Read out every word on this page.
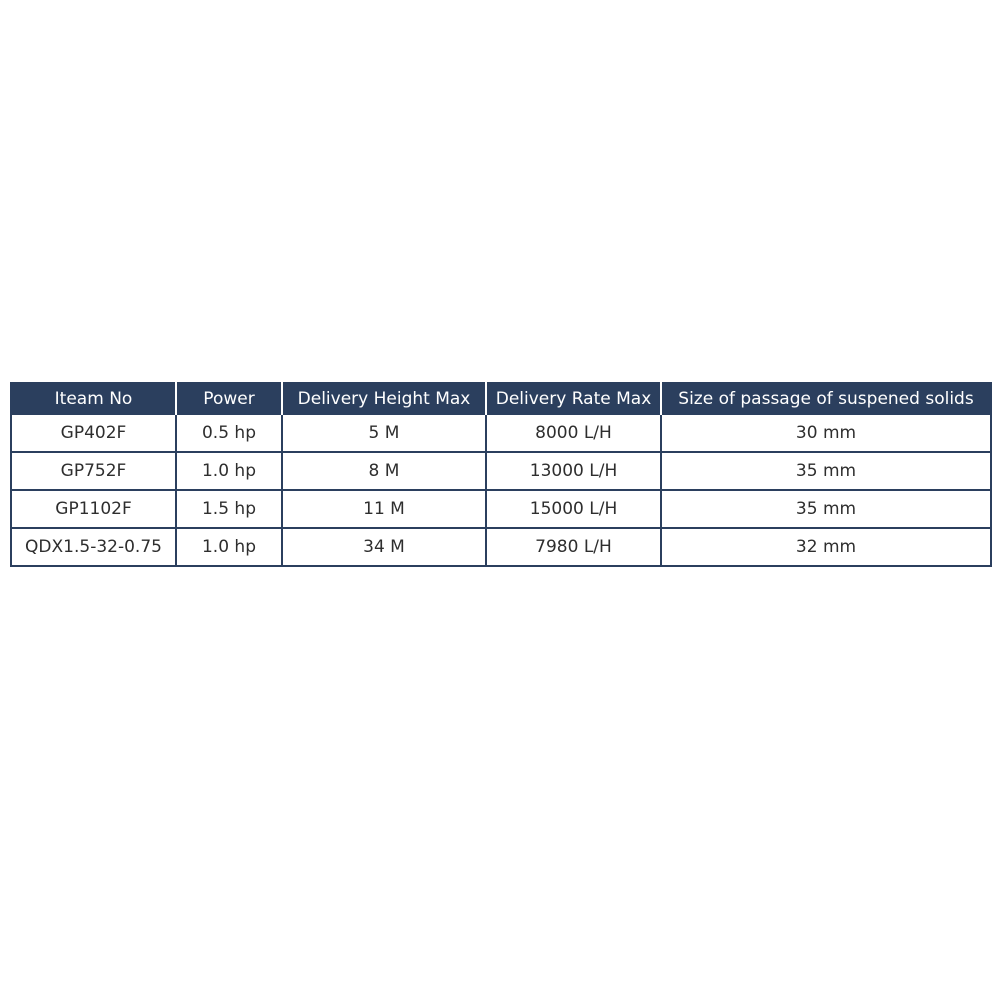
Iteam No	Power	Delivery Height Max	Delivery Rate Max	Size of passage of suspened solids
GP402F	0.5 hp	5 M	8000 L/H	30 mm
GP752F	1.0 hp	8 M	13000 L/H	35 mm
GP1102F	1.5 hp	11 M	15000 L/H	35 mm
QDX1.5-32-0.75	1.0 hp	34 M	7980 L/H	32 mm
